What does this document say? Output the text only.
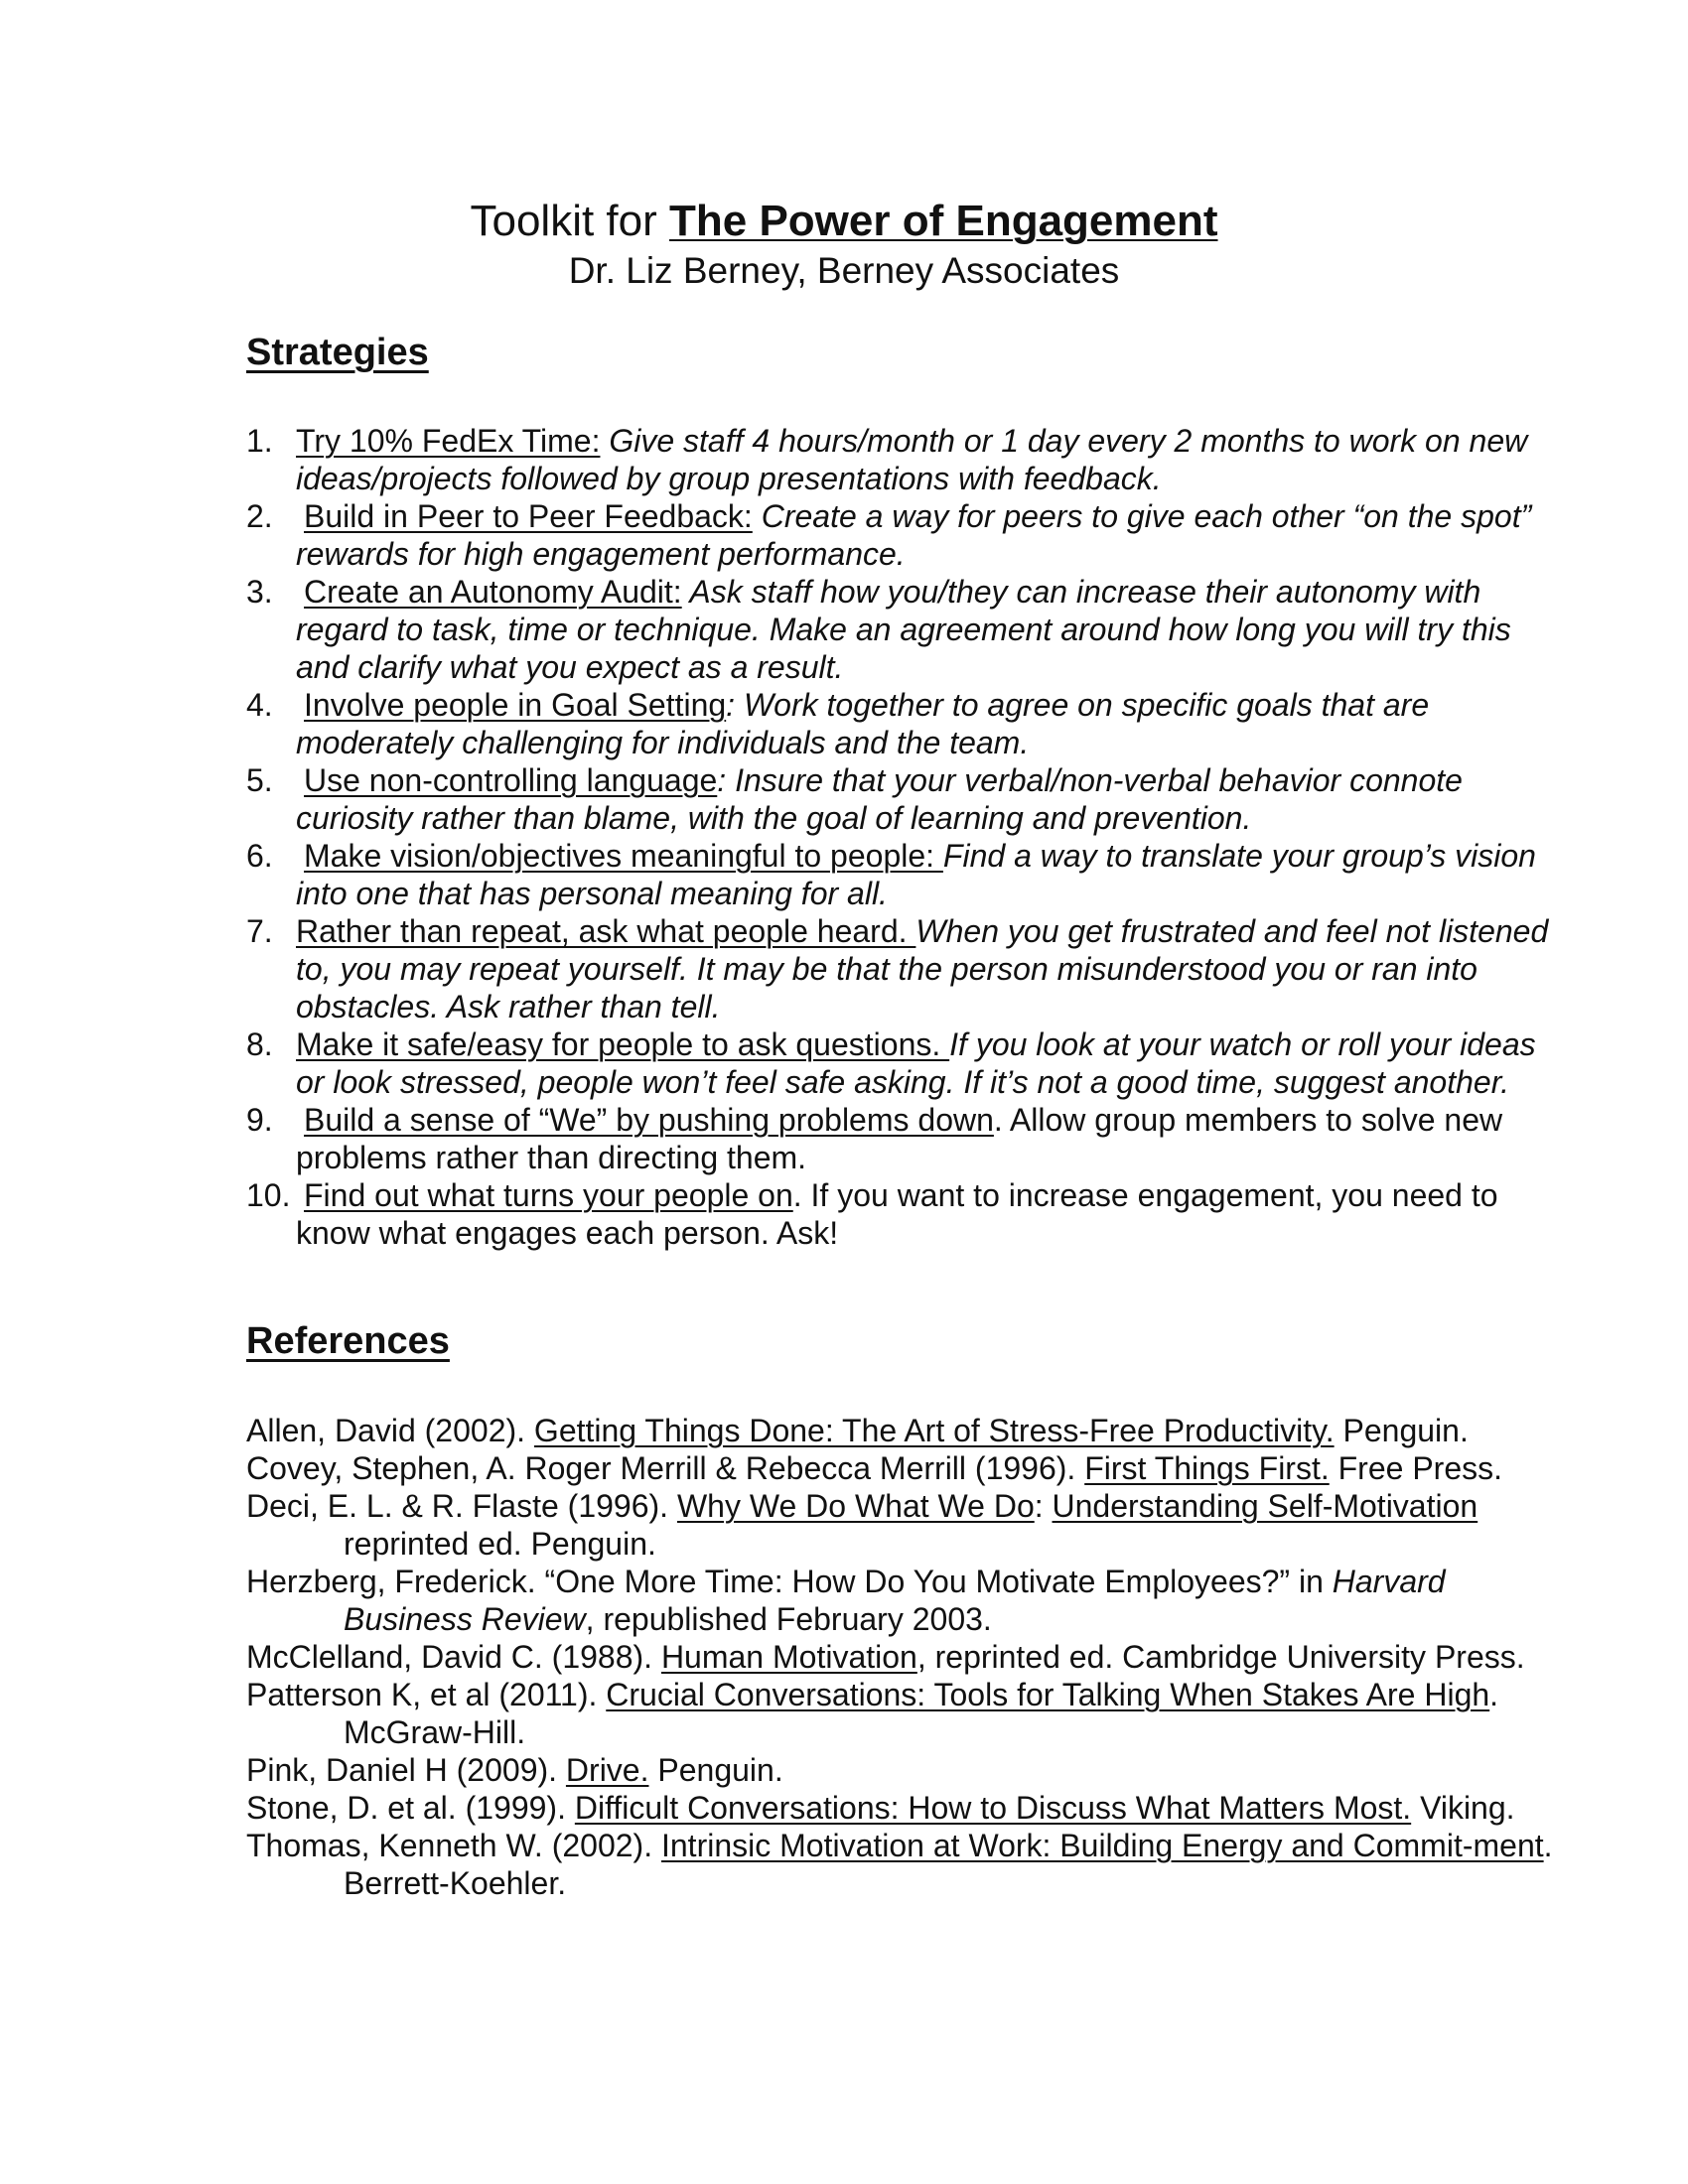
Toolkit for The Power of Engagement

Dr. Liz Berney, Berney Associates

Strategies
1. Try 10% FedEx Time: Give staff 4 hours/month or 1 day every 2 months to work on new ideas/projects followed by group presentations with feedback.
2. Build in Peer to Peer Feedback: Create a way for peers to give each other “on the spot” rewards for high engagement performance.
3. Create an Autonomy Audit: Ask staff how you/they can increase their autonomy with regard to task, time or technique. Make an agreement around how long you will try this and clarify what you expect as a result.
4. Involve people in Goal Setting: Work together to agree on specific goals that are moderately challenging for individuals and the team.
5. Use non-controlling language: Insure that your verbal/non-verbal behavior connote curiosity rather than blame, with the goal of learning and prevention.
6. Make vision/objectives meaningful to people: Find a way to translate your group’s vision into one that has personal meaning for all.
7. Rather than repeat, ask what people heard. When you get frustrated and feel not listened to, you may repeat yourself. It may be that the person misunderstood you or ran into obstacles. Ask rather than tell.
8. Make it safe/easy for people to ask questions. If you look at your watch or roll your ideas or look stressed, people won’t feel safe asking. If it’s not a good time, suggest another.
9. Build a sense of “We” by pushing problems down. Allow group members to solve new problems rather than directing them.
10. Find out what turns your people on. If you want to increase engagement, you need to know what engages each person. Ask!
References
Allen, David (2002). Getting Things Done: The Art of Stress-Free Productivity. Penguin.
Covey, Stephen, A. Roger Merrill & Rebecca Merrill (1996). First Things First. Free Press.
Deci, E. L. & R. Flaste (1996). Why We Do What We Do: Understanding Self-Motivation reprinted ed. Penguin.
Herzberg, Frederick. “One More Time: How Do You Motivate Employees?” in Harvard Business Review, republished February 2003.
McClelland, David C. (1988). Human Motivation, reprinted ed. Cambridge University Press.
Patterson K, et al (2011). Crucial Conversations: Tools for Talking When Stakes Are High. McGraw-Hill.
Pink, Daniel H (2009). Drive. Penguin.
Stone, D. et al. (1999). Difficult Conversations: How to Discuss What Matters Most. Viking.
Thomas, Kenneth W. (2002). Intrinsic Motivation at Work: Building Energy and Commit-ment. Berrett-Koehler.
